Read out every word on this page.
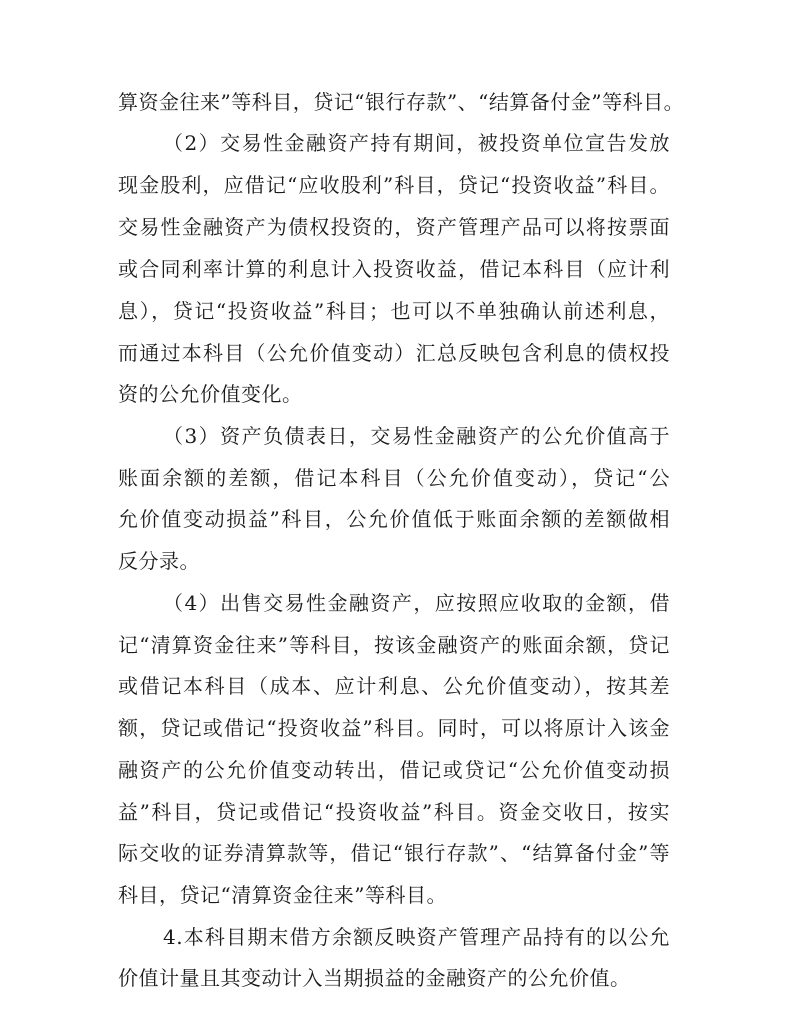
算资金往来”等科目，贷记“银行存款”、“结算备付金”等科目。
（2）交易性金融资产持有期间，被投资单位宣告发放
现金股利，应借记“应收股利”科目，贷记“投资收益”科目。
交易性金融资产为债权投资的，资产管理产品可以将按票面
或合同利率计算的利息计入投资收益，借记本科目（应计利
息），贷记“投资收益”科目；也可以不单独确认前述利息，
而通过本科目（公允价值变动）汇总反映包含利息的债权投
资的公允价值变化。
（3）资产负债表日，交易性金融资产的公允价值高于
账面余额的差额，借记本科目（公允价值变动），贷记“公
允价值变动损益”科目，公允价值低于账面余额的差额做相
反分录。
（4）出售交易性金融资产，应按照应收取的金额，借
记“清算资金往来”等科目，按该金融资产的账面余额，贷记
或借记本科目（成本、应计利息、公允价值变动），按其差
额，贷记或借记“投资收益”科目。同时，可以将原计入该金
融资产的公允价值变动转出，借记或贷记“公允价值变动损
益”科目，贷记或借记“投资收益”科目。资金交收日，按实
际交收的证券清算款等，借记“银行存款”、“结算备付金”等
科目，贷记“清算资金往来”等科目。
4.本科目期末借方余额反映资产管理产品持有的以公允
价值计量且其变动计入当期损益的金融资产的公允价值。
